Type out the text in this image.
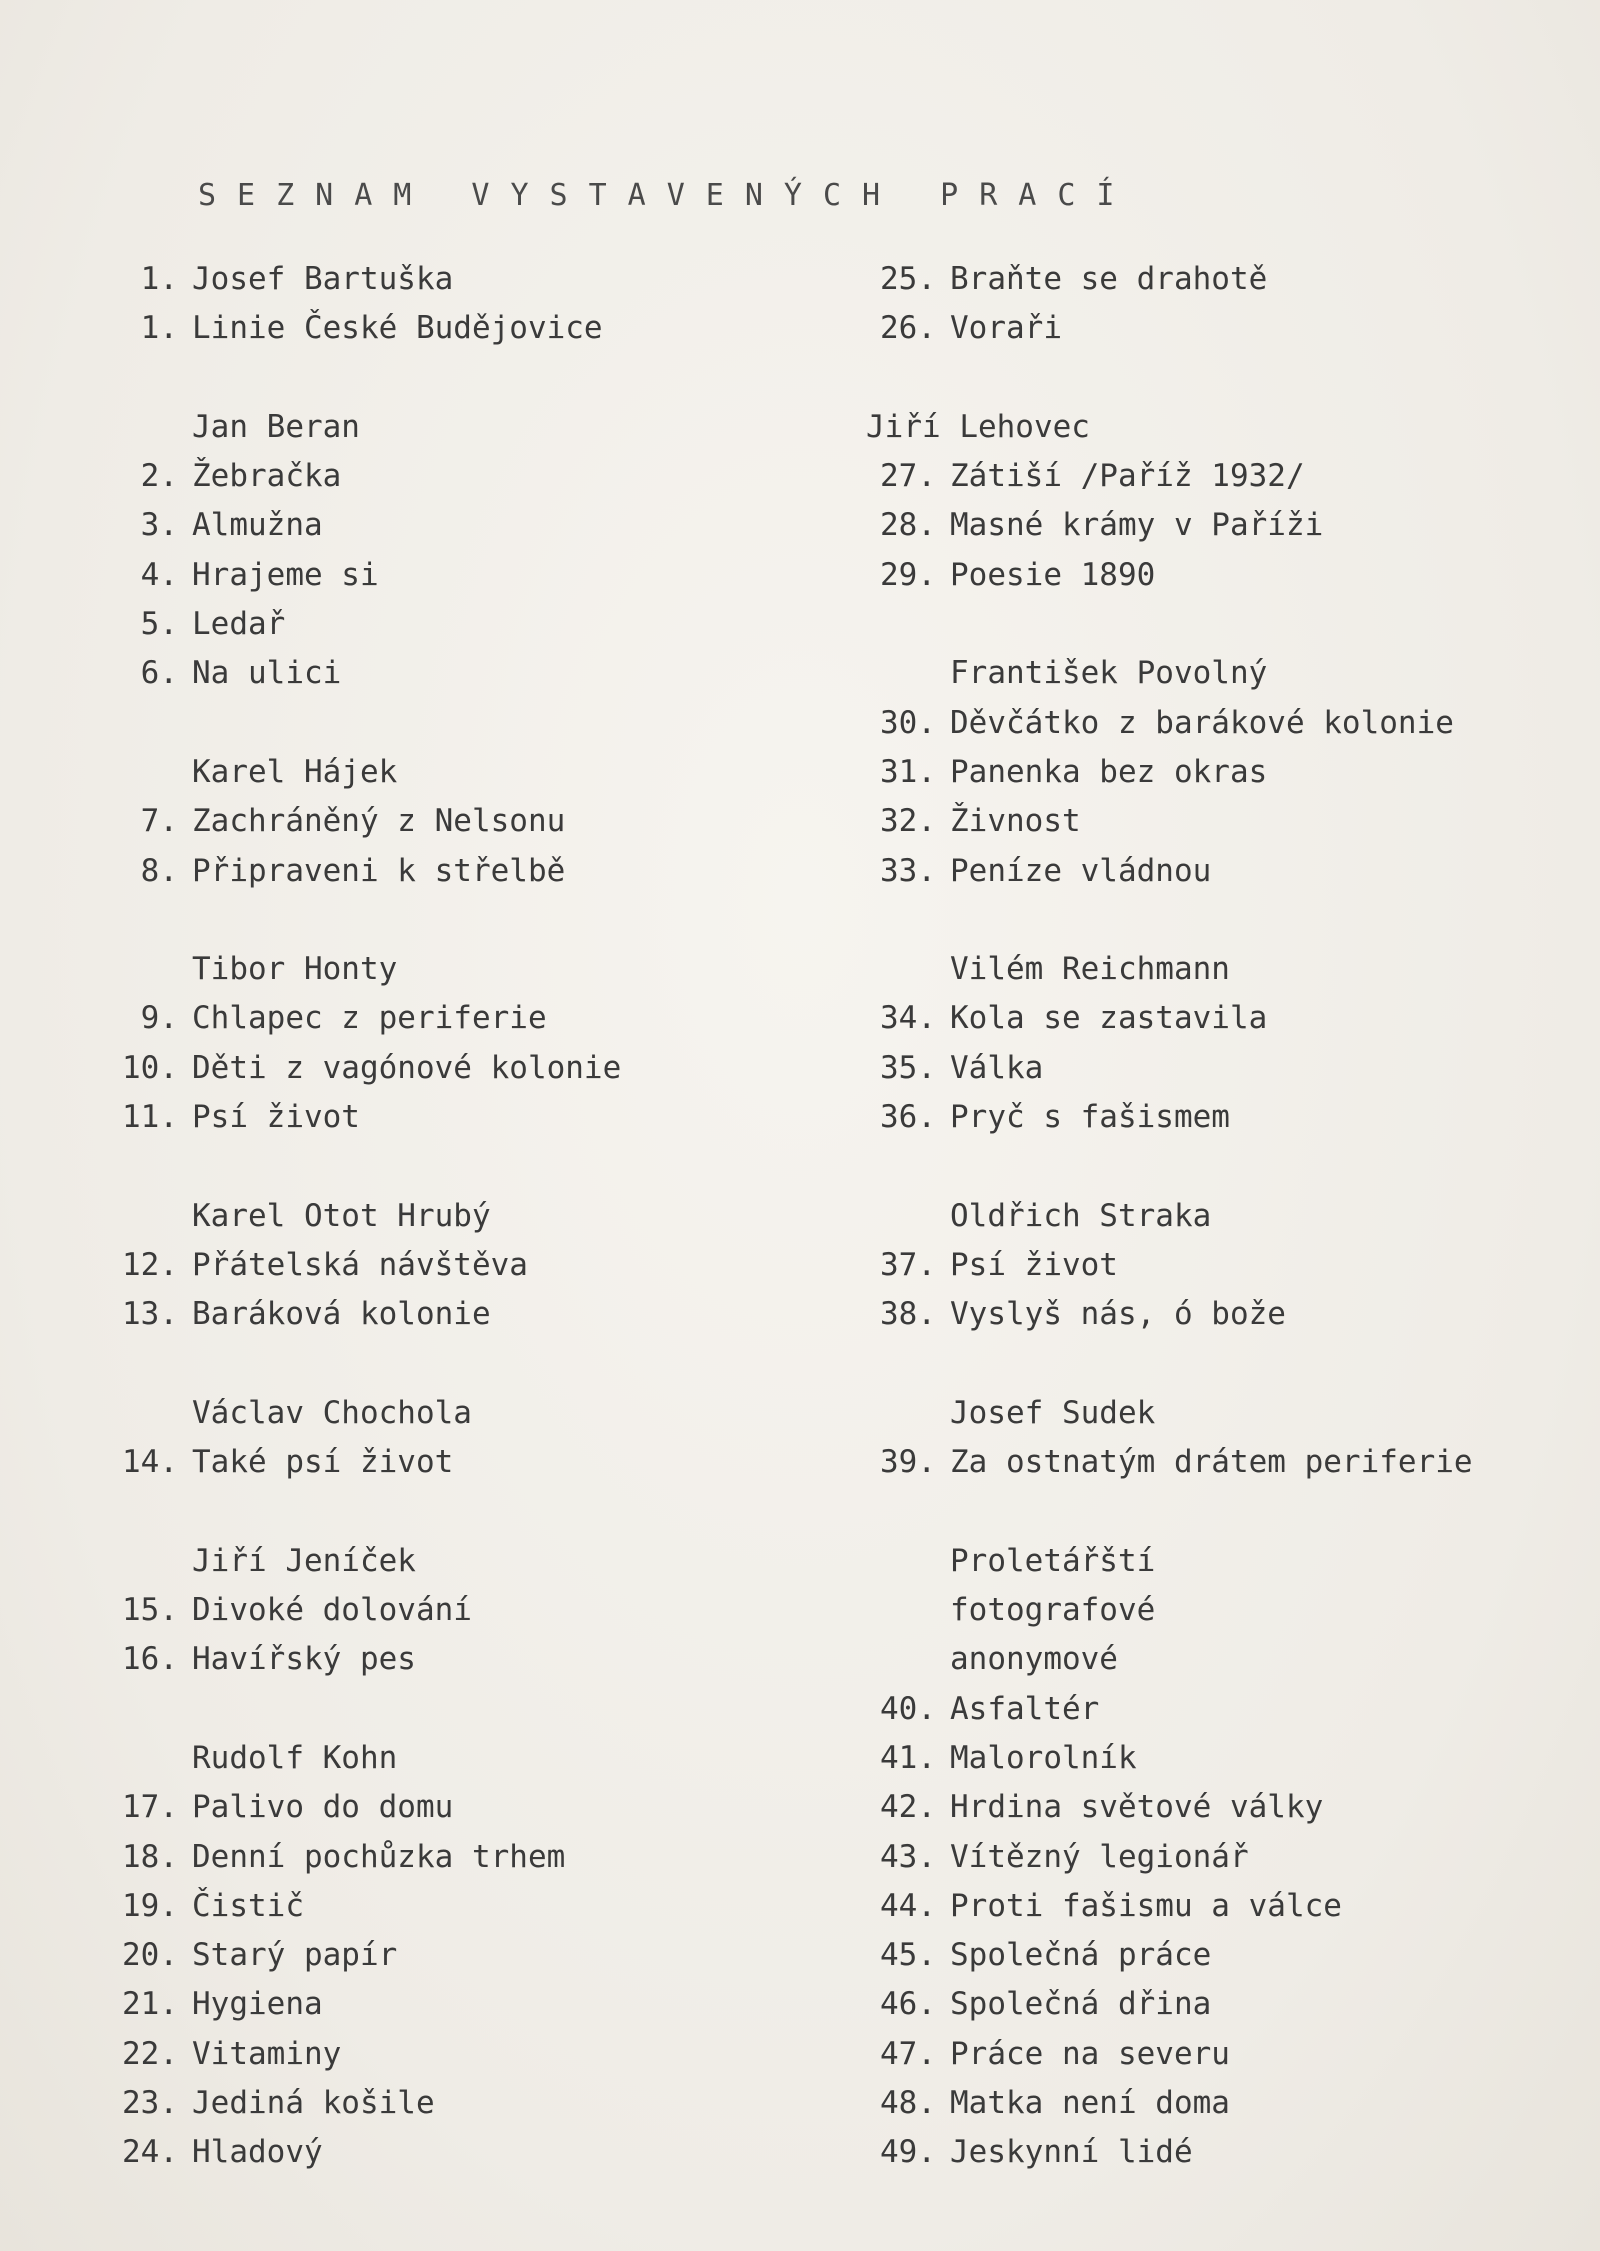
SEZNAM VYSTAVENÝCH PRACÍ
1. Josef Bartuška
1. Linie České Budějovice
Jan Beran
2. Žebračka
3. Almužna
4. Hrajeme si
5. Ledař
6. Na ulici
Karel Hájek
7. Zachráněný z Nelsonu
8. Připraveni k střelbě
Tibor Honty
9. Chlapec z periferie
10. Děti z vagónové kolonie
11. Psí život
Karel Otot Hrubý
12. Přátelská návštěva
13. Baráková kolonie
Václav Chochola
14. Také psí život
Jiří Jeníček
15. Divoké dolování
16. Havířský pes
Rudolf Kohn
17. Palivo do domu
18. Denní pochůzka trhem
19. Čistič
20. Starý papír
21. Hygiena
22. Vitaminy
23. Jediná košile
24. Hladový
25. Braňte se drahotě
26. Voraři
Jiří Lehovec
27. Zátiší /Paříž 1932/
28. Masné krámy v Paříži
29. Poesie 1890
František Povolný
30. Děvčátko z barákové kolonie
31. Panenka bez okras
32. Živnost
33. Peníze vládnou
Vilém Reichmann
34. Kola se zastavila
35. Válka
36. Pryč s fašismem
Oldřich Straka
37. Psí život
38. Vyslyš nás, ó bože
Josef Sudek
39. Za ostnatým drátem periferie
Proletářští
fotografové
anonymové
40. Asfaltér
41. Malorolník
42. Hrdina světové války
43. Vítězný legionář
44. Proti fašismu a válce
45. Společná práce
46. Společná dřina
47. Práce na severu
48. Matka není doma
49. Jeskynní lidé
